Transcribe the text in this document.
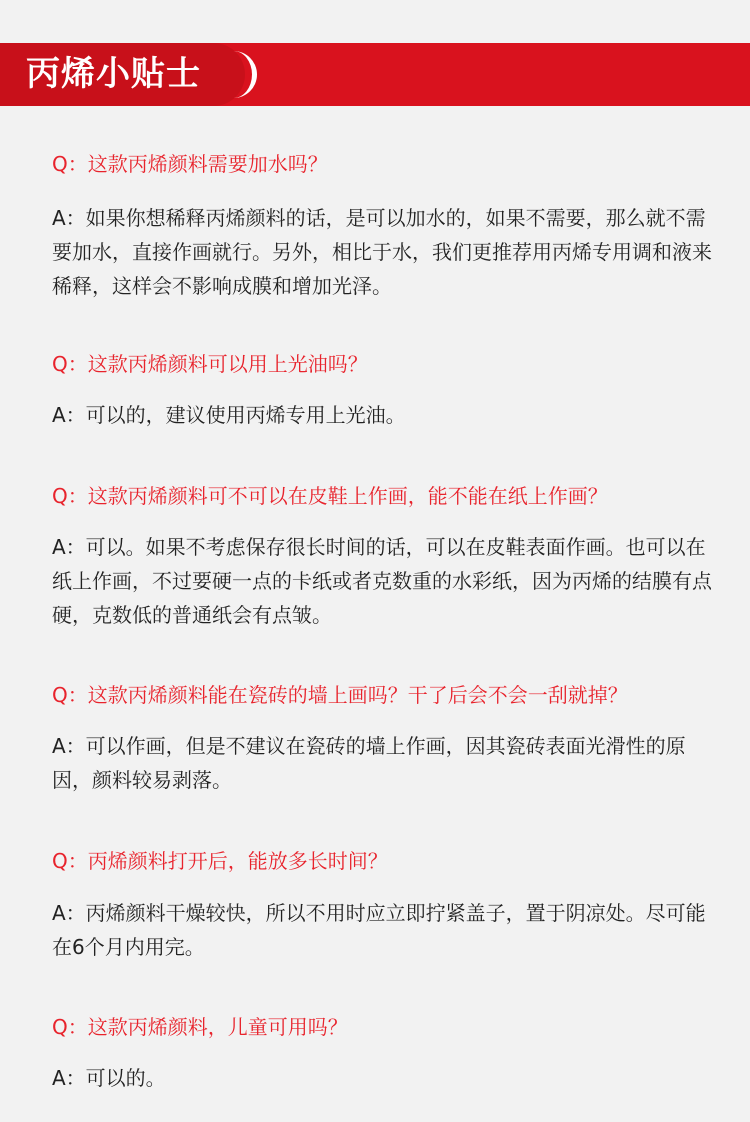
丙烯小贴士

Q：这款丙烯颜料需要加水吗？

A：如果你想稀释丙烯颜料的话，是可以加水的，如果不需要，那么就不需要加水，直接作画就行。另外，相比于水，我们更推荐用丙烯专用调和液来稀释，这样会不影响成膜和增加光泽。

Q：这款丙烯颜料可以用上光油吗？

A：可以的，建议使用丙烯专用上光油。

Q：这款丙烯颜料可不可以在皮鞋上作画，能不能在纸上作画？

A：可以。如果不考虑保存很长时间的话，可以在皮鞋表面作画。也可以在纸上作画，不过要硬一点的卡纸或者克数重的水彩纸，因为丙烯的结膜有点硬，克数低的普通纸会有点皱。

Q：这款丙烯颜料能在瓷砖的墙上画吗？干了后会不会一刮就掉？

A：可以作画，但是不建议在瓷砖的墙上作画，因其瓷砖表面光滑性的原因，颜料较易剥落。

Q：丙烯颜料打开后，能放多长时间？

A：丙烯颜料干燥较快，所以不用时应立即拧紧盖子，置于阴凉处。尽可能在6个月内用完。

Q：这款丙烯颜料，儿童可用吗？

A：可以的。
